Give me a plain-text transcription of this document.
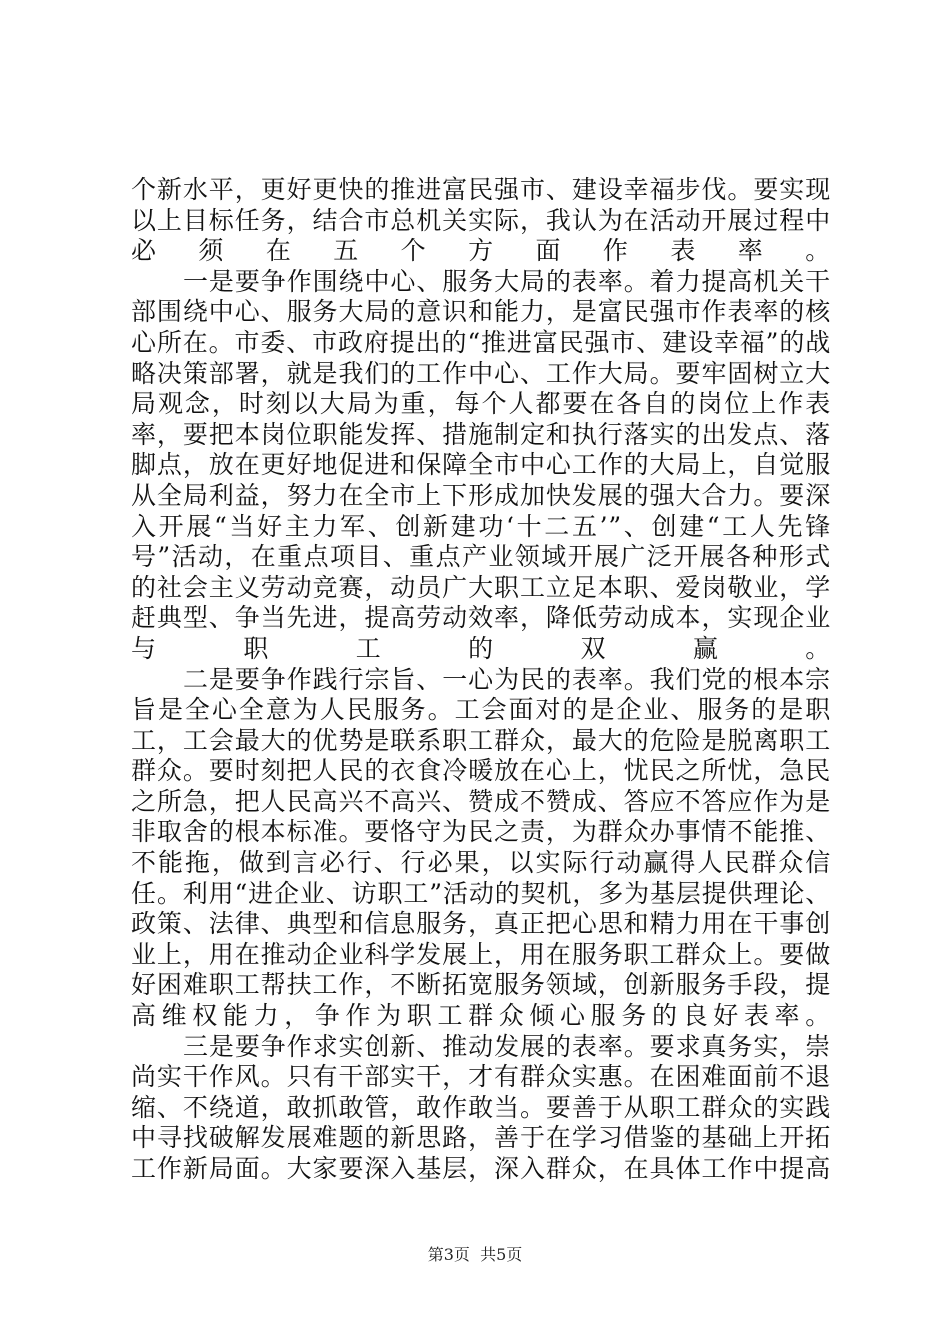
个新水平，更好更快的推进富民强市、建设幸福步伐。要实现以上目标任务，结合市总机关实际，我认为在活动开展过程中必须在五个方面作表率。

一是要争作围绕中心、服务大局的表率。着力提高机关干部围绕中心、服务大局的意识和能力，是富民强市作表率的核心所在。市委、市政府提出的“推进富民强市、建设幸福”的战略决策部署，就是我们的工作中心、工作大局。要牢固树立大局观念，时刻以大局为重，每个人都要在各自的岗位上作表率，要把本岗位职能发挥、措施制定和执行落实的出发点、落脚点，放在更好地促进和保障全市中心工作的大局上，自觉服从全局利益，努力在全市上下形成加快发展的强大合力。要深入开展“当好主力军、创新建功‘十二五’”、创建“工人先锋号”活动，在重点项目、重点产业领域开展广泛开展各种形式的社会主义劳动竞赛，动员广大职工立足本职、爱岗敬业，学赶典型、争当先进，提高劳动效率，降低劳动成本，实现企业与职工的双赢。

二是要争作践行宗旨、一心为民的表率。我们党的根本宗旨是全心全意为人民服务。工会面对的是企业、服务的是职工，工会最大的优势是联系职工群众，最大的危险是脱离职工群众。要时刻把人民的衣食冷暖放在心上，忧民之所忧，急民之所急，把人民高兴不高兴、赞成不赞成、答应不答应作为是非取舍的根本标准。要恪守为民之责，为群众办事情不能推、不能拖，做到言必行、行必果，以实际行动赢得人民群众信任。利用“进企业、访职工”活动的契机，多为基层提供理论、政策、法律、典型和信息服务，真正把心思和精力用在干事创业上，用在推动企业科学发展上，用在服务职工群众上。要做好困难职工帮扶工作，不断拓宽服务领域，创新服务手段，提高维权能力，争作为职工群众倾心服务的良好表率。

三是要争作求实创新、推动发展的表率。要求真务实，崇尚实干作风。只有干部实干，才有群众实惠。在困难面前不退缩、不绕道，敢抓敢管，敢作敢当。要善于从职工群众的实践中寻找破解发展难题的新思路，善于在学习借鉴的基础上开拓工作新局面。大家要深入基层，深入群众，在具体工作中提高

第3页  共5页
